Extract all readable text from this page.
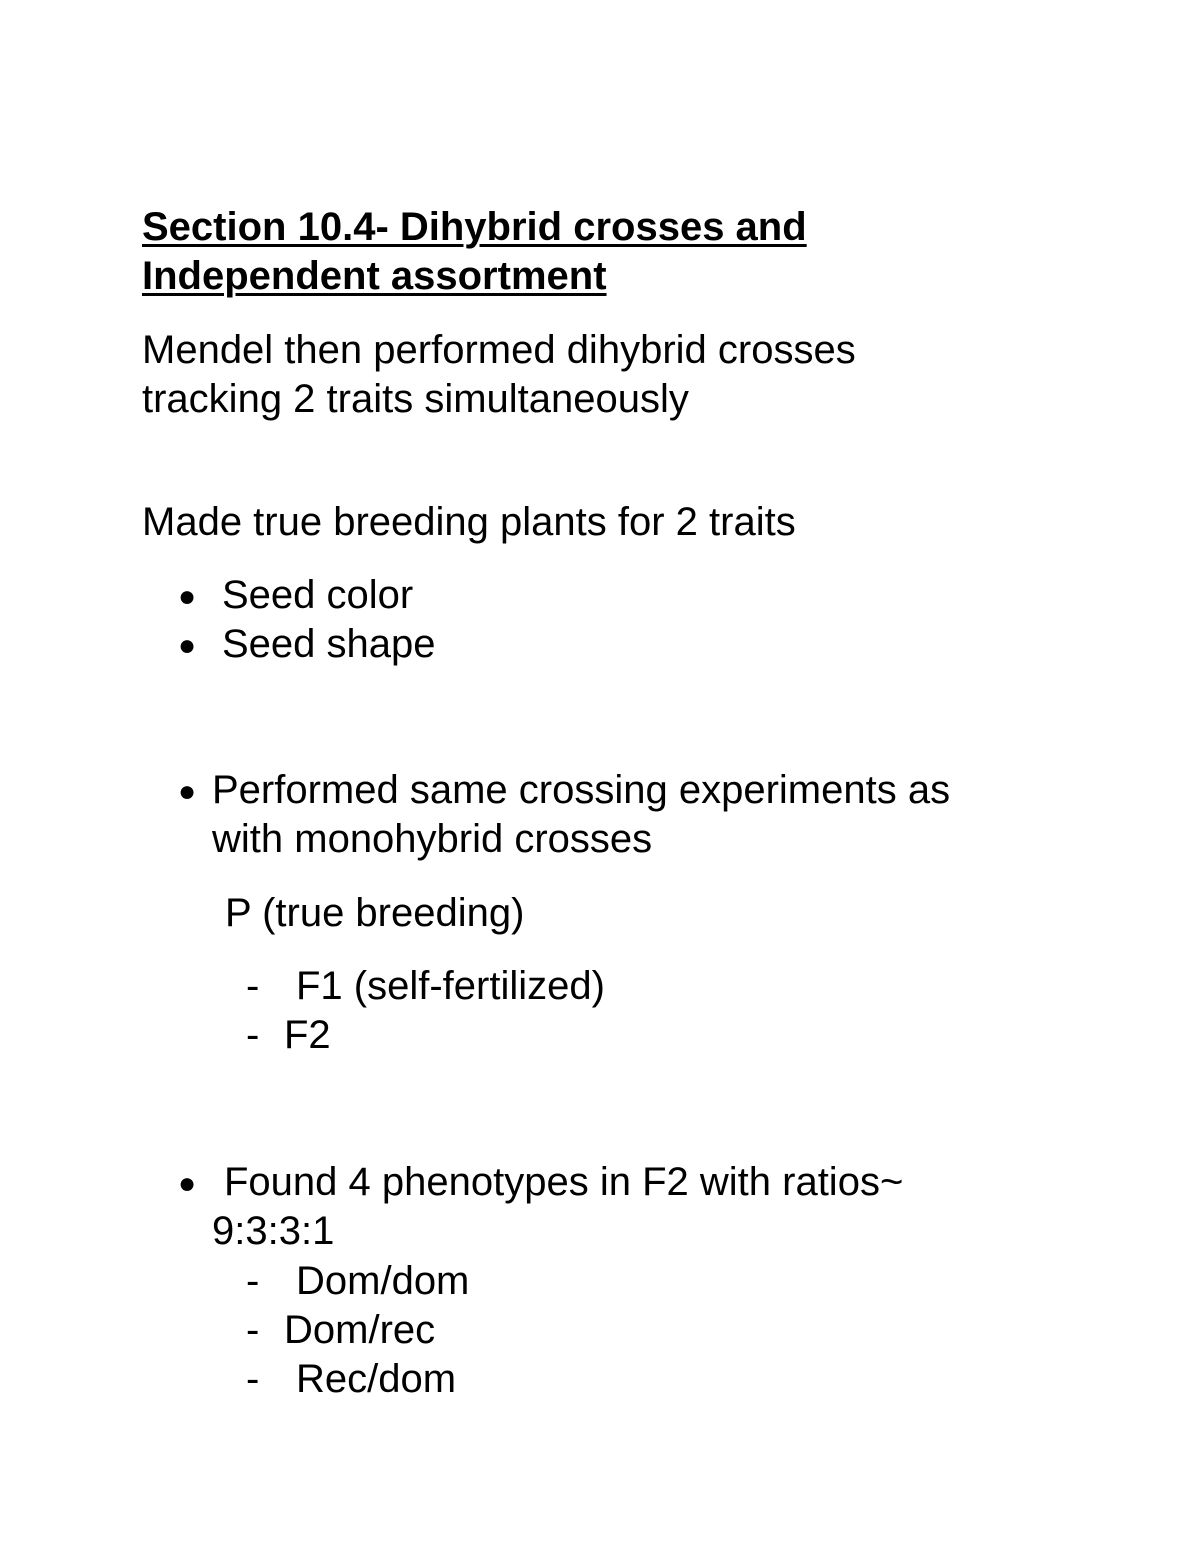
Section 10.4- Dihybrid crosses and

Independent assortment

Mendel then performed dihybrid crosses

tracking 2 traits simultaneously

Made true breeding plants for 2 traits

● Seed color

● Seed shape

● Performed same crossing experiments as

with monohybrid crosses

P (true breeding)

- F1 (self-fertilized)

- F2

● Found 4 phenotypes in F2 with ratios~

9:3:3:1

- Dom/dom

- Dom/rec

- Rec/dom
